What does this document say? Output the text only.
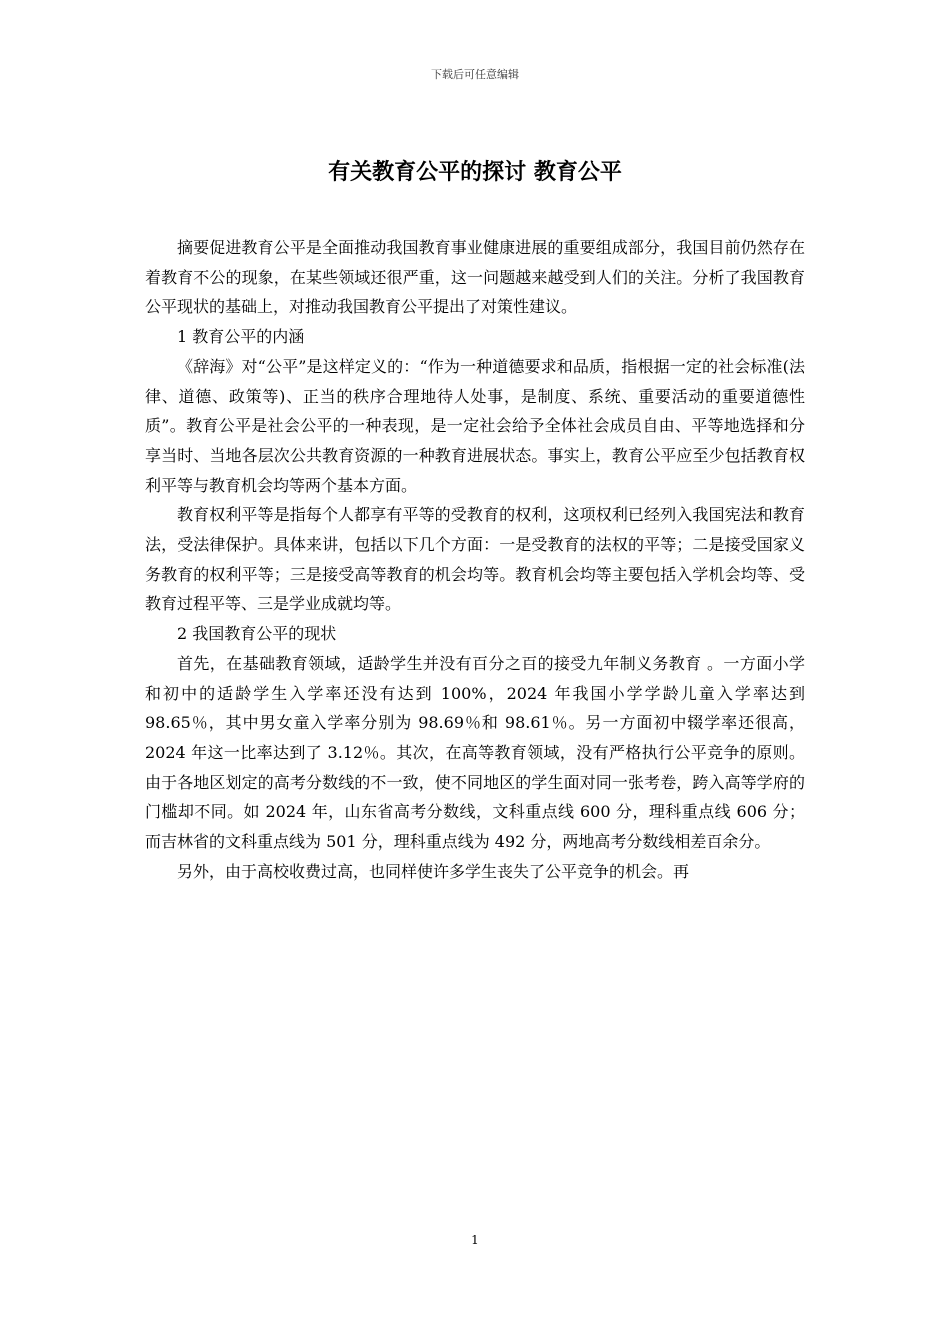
下载后可任意编辑
有关教育公平的探讨 教育公平

摘要促进教育公平是全面推动我国教育事业健康进展的重要组成部分，我国目前仍然存在着教育不公的现象，在某些领域还很严重，这一问题越来越受到人们的关注。分析了我国教育公平现状的基础上，对推动我国教育公平提出了对策性建议。

1 教育公平的内涵

《辞海》对“公平”是这样定义的：“作为一种道德要求和品质，指根据一定的社会标准(法律、道德、政策等)、正当的秩序合理地待人处事，是制度、系统、重要活动的重要道德性质”。教育公平是社会公平的一种表现，是一定社会给予全体社会成员自由、平等地选择和分享当时、当地各层次公共教育资源的一种教育进展状态。事实上，教育公平应至少包括教育权利平等与教育机会均等两个基本方面。

教育权利平等是指每个人都享有平等的受教育的权利，这项权利已经列入我国宪法和教育法，受法律保护。具体来讲，包括以下几个方面：一是受教育的法权的平等；二是接受国家义务教育的权利平等；三是接受高等教育的机会均等。教育机会均等主要包括入学机会均等、受教育过程平等、三是学业成就均等。

2 我国教育公平的现状

首先，在基础教育领域，适龄学生并没有百分之百的接受九年制义务教育 。一方面小学和初中的适龄学生入学率还没有达到 100%，2024 年我国小学学龄儿童入学率达到 98.65％，其中男女童入学率分别为 98.69％和 98.61％。另一方面初中辍学率还很高，2024 年这一比率达到了 3.12％。其次，在高等教育领域，没有严格执行公平竞争的原则。由于各地区划定的高考分数线的不一致，使不同地区的学生面对同一张考卷，跨入高等学府的门槛却不同。如 2024 年，山东省高考分数线，文科重点线 600 分，理科重点线 606 分；而吉林省的文科重点线为 501 分，理科重点线为 492 分，两地高考分数线相差百余分。

另外，由于高校收费过高，也同样使许多学生丧失了公平竞争的机会。再

1
